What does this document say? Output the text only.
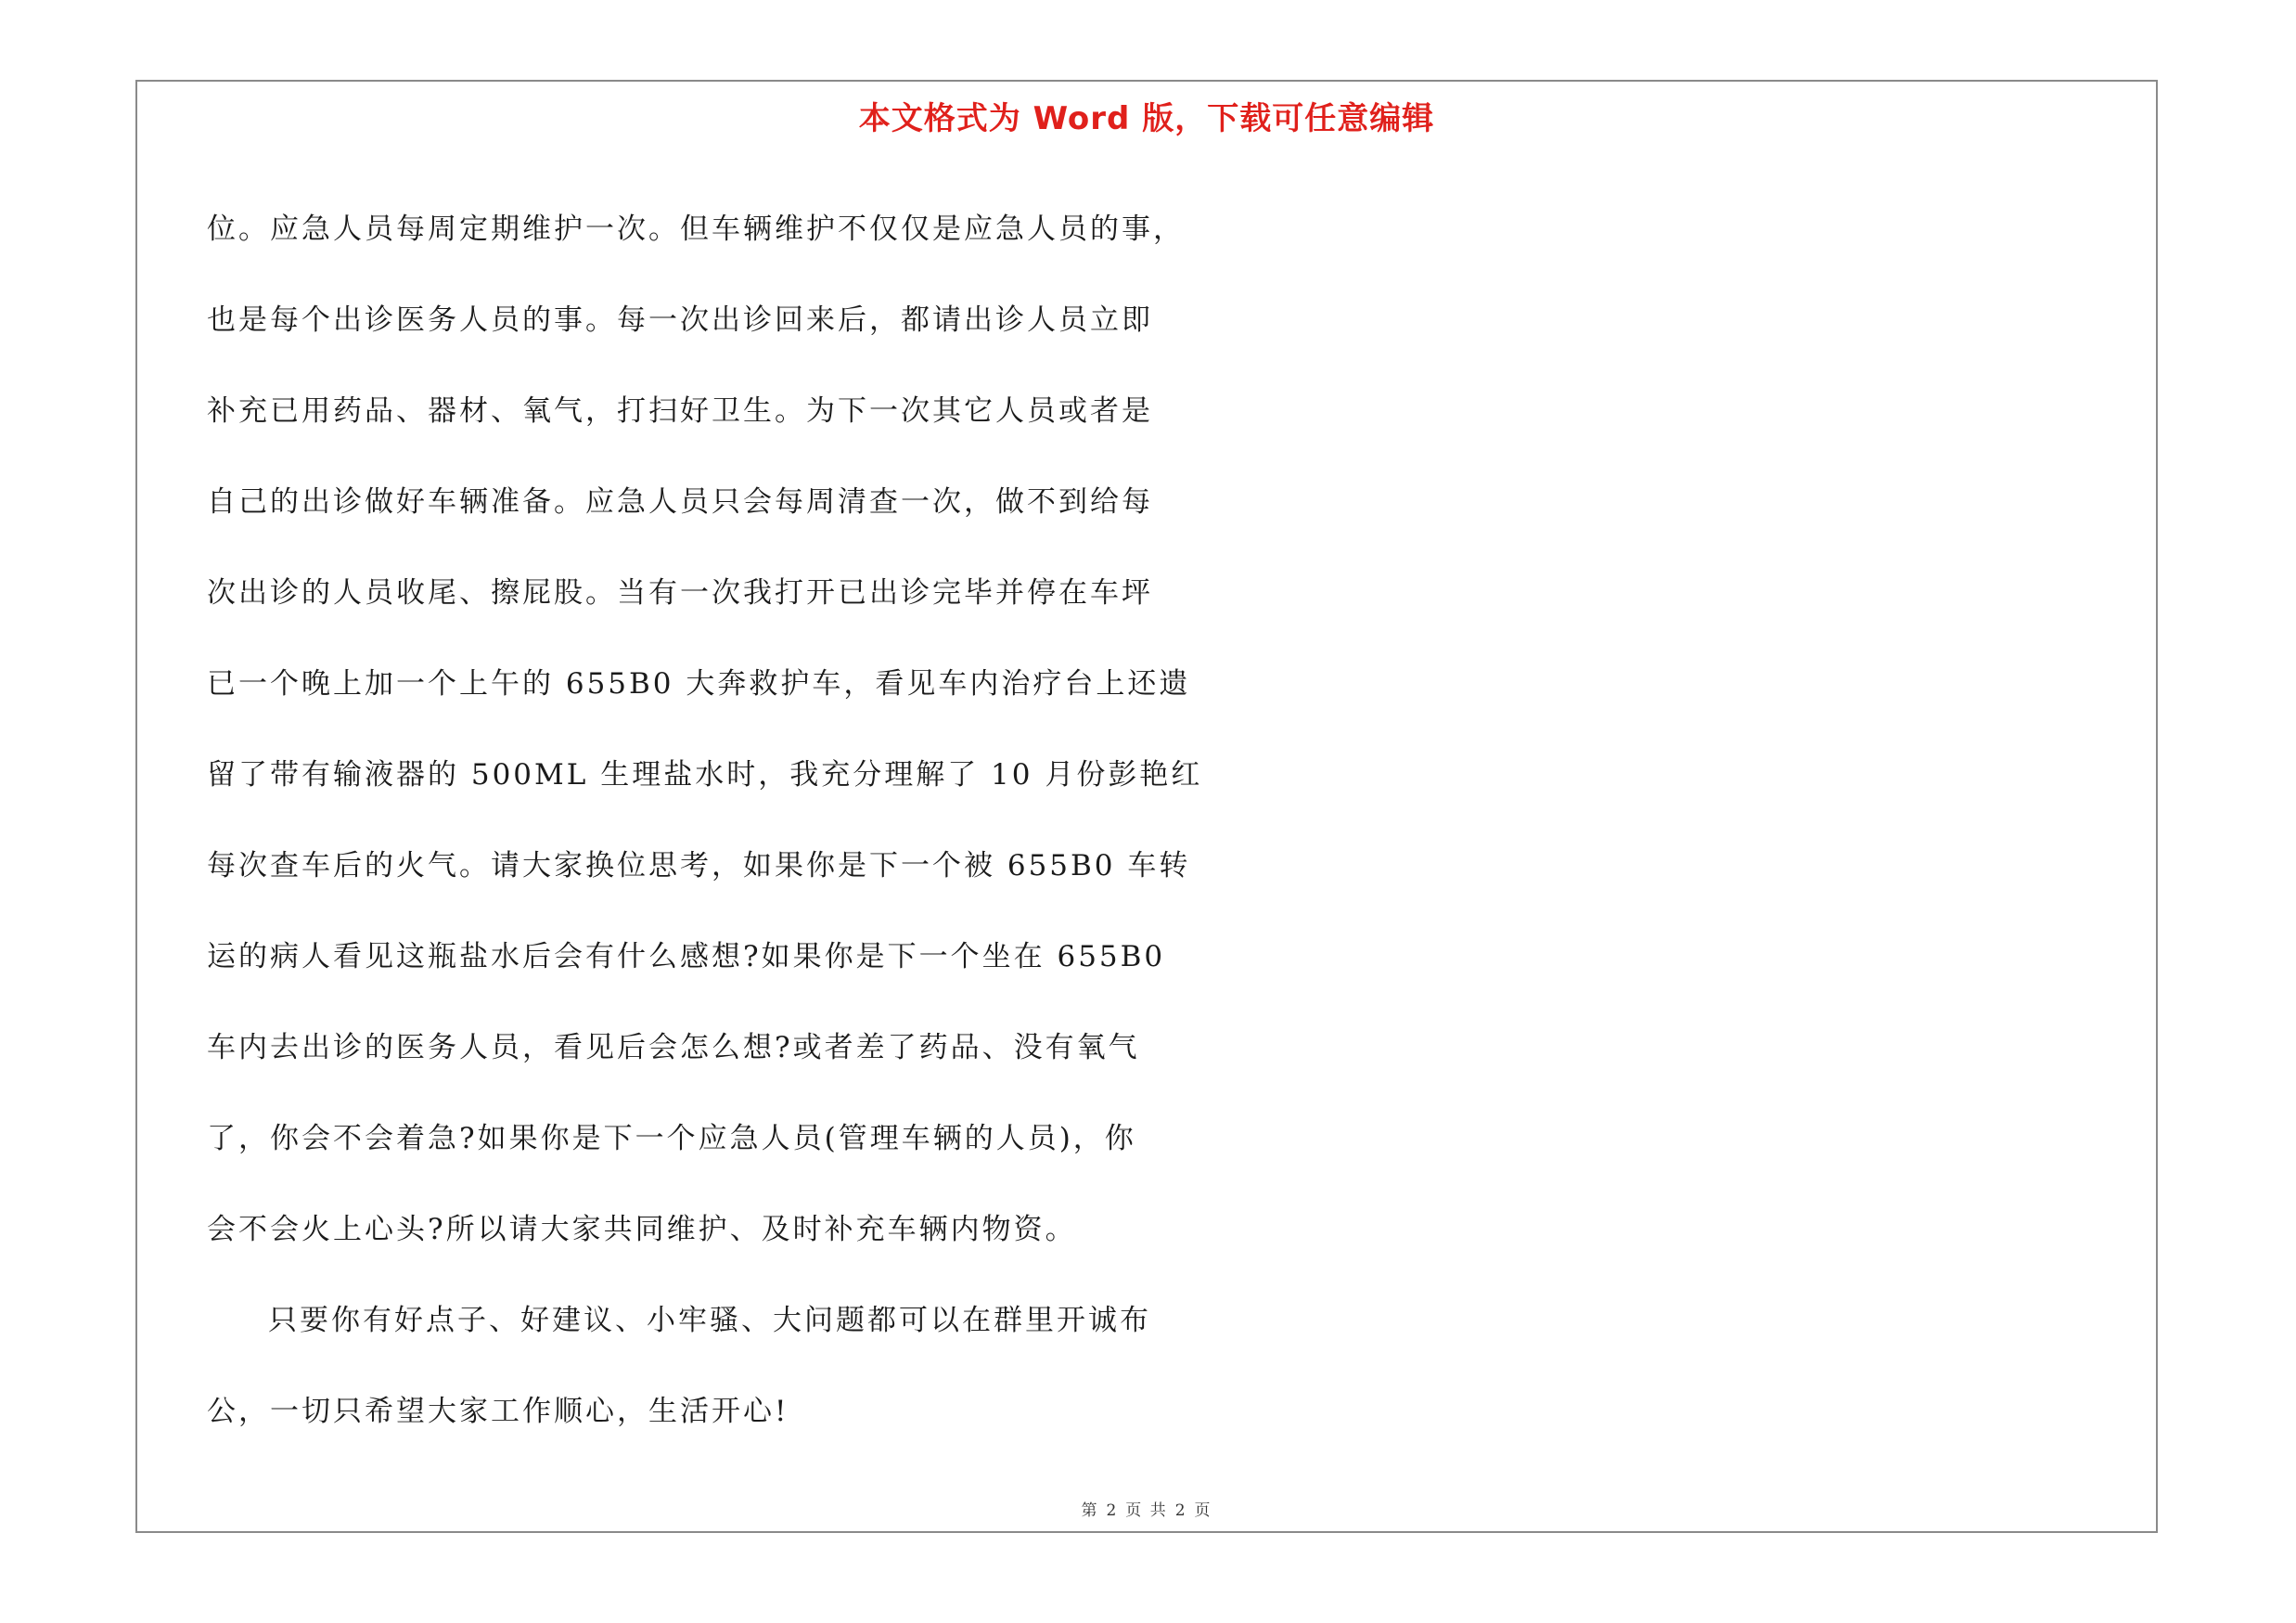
本文格式为 Word 版，下载可任意编辑
位。应急人员每周定期维护一次。但车辆维护不仅仅是应急人员的事，
也是每个出诊医务人员的事。每一次出诊回来后，都请出诊人员立即
补充已用药品、器材、氧气，打扫好卫生。为下一次其它人员或者是
自己的出诊做好车辆准备。应急人员只会每周清查一次，做不到给每
次出诊的人员收尾、擦屁股。当有一次我打开已出诊完毕并停在车坪
已一个晚上加一个上午的 655B0 大奔救护车，看见车内治疗台上还遗
留了带有输液器的 500ML 生理盐水时，我充分理解了 10 月份彭艳红
每次查车后的火气。请大家换位思考，如果你是下一个被 655B0 车转
运的病人看见这瓶盐水后会有什么感想?如果你是下一个坐在 655B0
车内去出诊的医务人员，看见后会怎么想?或者差了药品、没有氧气
了，你会不会着急?如果你是下一个应急人员(管理车辆的人员)，你
会不会火上心头?所以请大家共同维护、及时补充车辆内物资。
只要你有好点子、好建议、小牢骚、大问题都可以在群里开诚布
公，一切只希望大家工作顺心，生活开心!
第 2 页 共 2 页
